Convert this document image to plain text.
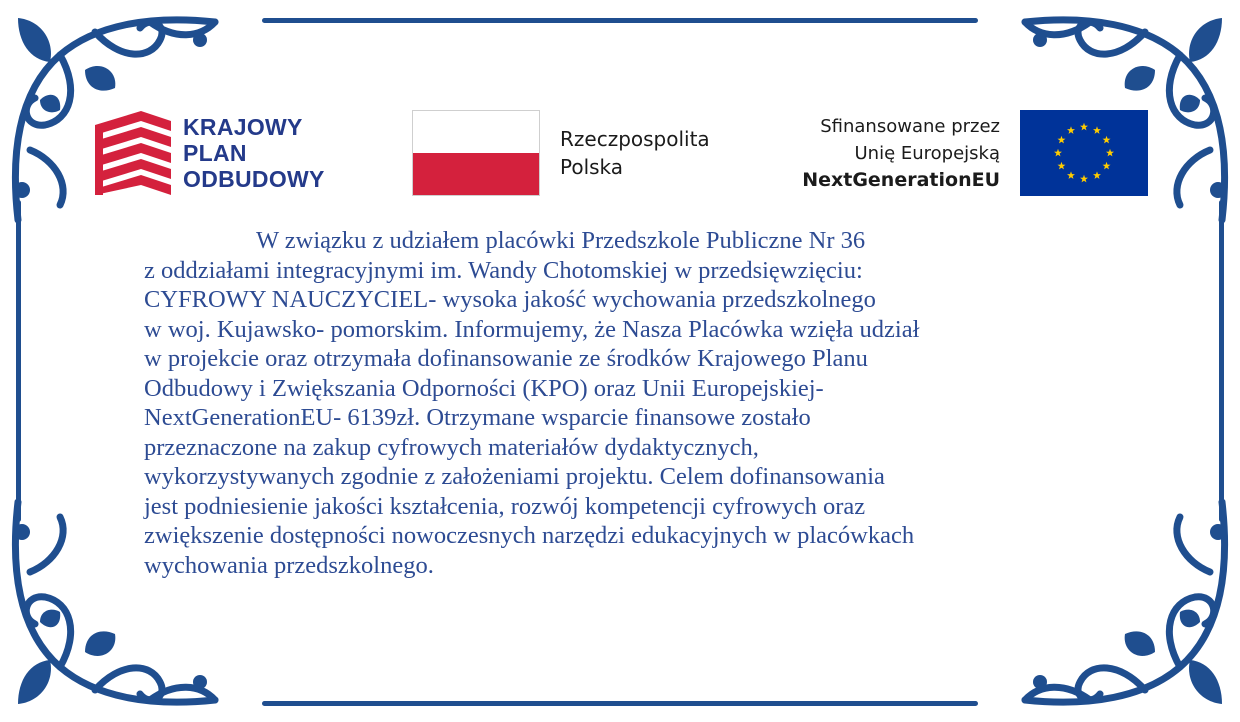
KRAJOWY
PLAN
ODBUDOWY
Rzeczpospolita
Polska
Sfinansowane przez
Unię Europejską
NextGenerationEU
W związku z udziałem placówki Przedszkole Publiczne Nr 36
z oddziałami integracyjnymi im. Wandy Chotomskiej w przedsięwzięciu:
CYFROWY NAUCZYCIEL- wysoka jakość wychowania przedszkolnego
w woj. Kujawsko- pomorskim. Informujemy, że Nasza Placówka wzięła udział
w projekcie oraz otrzymała dofinansowanie ze środków Krajowego Planu
Odbudowy i Zwiększania Odporności (KPO) oraz Unii Europejskiej-
NextGenerationEU- 6139zł. Otrzymane wsparcie finansowe zostało
przeznaczone na zakup cyfrowych materiałów dydaktycznych,
wykorzystywanych zgodnie z założeniami projektu. Celem dofinansowania
jest podniesienie jakości kształcenia, rozwój kompetencji cyfrowych oraz
zwiększenie dostępności nowoczesnych narzędzi edukacyjnych w placówkach
wychowania przedszkolnego.
